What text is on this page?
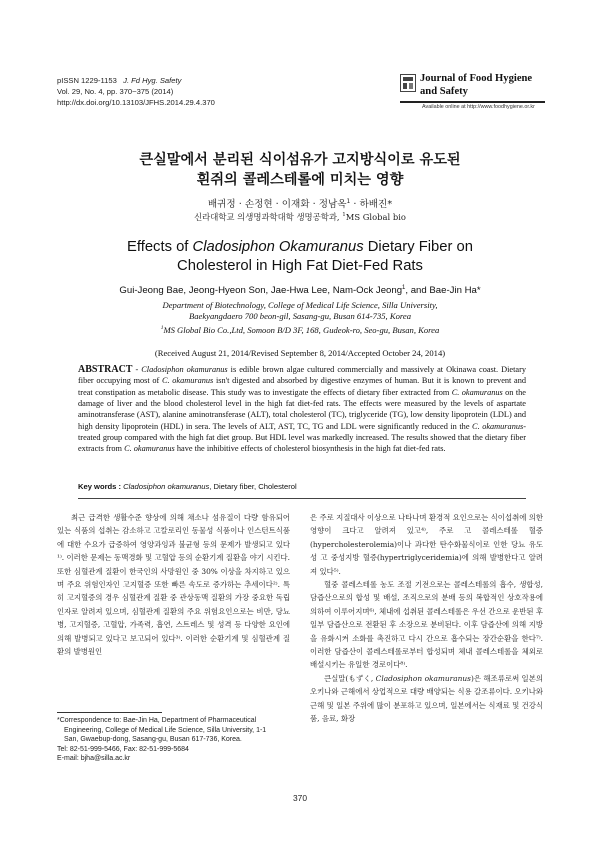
pISSN 1229-1153 J. Fd Hyg. Safety
Vol. 29, No. 4, pp. 370~375 (2014)
http://dx.doi.org/10.13103/JFHS.2014.29.4.370
Journal of Food Hygiene
and Safety
Available online at http://www.foodhygiene.or.kr
큰실말에서 분리된 식이섬유가 고지방식이로 유도된
흰쥐의 콜레스테롤에 미치는 영향
배귀정 · 손정현 · 이재화 · 정남옥$^1$ · 하배진*
신라대학교 의생명과학대학 생명공학과, $^1$MS Global bio
Effects of Cladosiphon Okamuranus Dietary Fiber on
Cholesterol in High Fat Diet-Fed Rats
Gui-Jeong Bae, Jeong-Hyeon Son, Jae-Hwa Lee, Nam-Ock Jeong$^1$, and Bae-Jin Ha*
Department of Biotechnology, College of Medical Life Science, Silla University,
Baekyangdaero 700 beon-gil, Sasang-gu, Busan 614-735, Korea
$^1$MS Global Bio Co.,Ltd, Somoon B/D 3F, 168, Gudeok-ro, Seo-gu, Busan, Korea
(Received August 21, 2014/Revised September 8, 2014/Accepted October 24, 2014)
ABSTRACT - Cladosiphon okamuranus is edible brown algae cultured commercially and massively at Okinawa coast. Dietary fiber occupying most of C. okamuranus isn't digested and absorbed by digestive enzymes of human. But it is known to prevent and treat constipation as metabolic disease. This study was to investigate the effects of dietary fiber extracted from C. okamuranus on the damage of liver and the blood cholesterol level in the high fat diet-fed rats. The effects were measured by the levels of aspartate aminotransferase (AST), alanine aminotransferase (ALT), total cholesterol (TC), triglyceride (TG), low density lipoprotein (LDL) and high density lipoprotein (HDL) in sera. The levels of ALT, AST, TC, TG and LDL were significantly reduced in the C. okamuranus-treated group compared with the high fat diet group. But HDL level was markedly increased. The results showed that the dietary fiber extracts from C. okamuranus have the inhibitive effects of cholesterol biosynthesis in the high fat diet-fed rats.
Key words : Cladosiphon okamuranus, Dietary fiber, Cholesterol

최근 급격한 생활수준 향상에 의해 채소나 섬유질이 다량 함유되어 있는 식품의 섭취는 감소하고 고칼로리인 동물성 식품이나 인스턴트식품에 대한 수요가 급증하여 영양과잉과 불균형 등의 문제가 발생되고 있다¹⁾. 이러한 문제는 동맥경화 및 고혈압 등의 순환기계 질환을 야기 시킨다. 또한 심혈관계 질환이 한국인의 사망원인 중 30% 이상을 차지하고 있으며 주요 위험인자인 고지혈증 또한 빠른 속도로 증가하는 추세이다²⁾. 특히 고지혈증의 경우 심혈관계 질환 중 관상동맥 질환의 가장 중요한 독립인자로 알려져 있으며, 심혈관계 질환의 주요 위험요인으로는 비만, 당뇨병, 고지혈증, 고혈압, 가족력, 흡연, 스트레스 및 성격 등 다양한 요인에 의해 발병되고 있다고 보고되어 있다³⁾. 이러한 순환기계 및 심혈관계 질환의 발병원인

은 주로 지질대사 이상으로 나타나며 환경적 요인으로는 식이섭취에 의한 영향이 크다고 알려져 있고⁴⁾, 주로 고 콜레스테롤 혈증(hypercholesterolemia)이나 과다한 탄수화물식이로 인한 당뇨 유도성 고 중성지방 혈증(hypertriglyceridemia)에 의해 발병한다고 알려져 있다⁵⁾.

혈중 콜레스테롤 농도 조절 기전으로는 콜레스테롤의 흡수, 생합성, 담즙산으로의 합성 및 배설, 조직으로의 분배 등의 복합적인 상호작용에 의하여 이루어지며⁶⁾, 체내에 섭취된 콜레스테롤은 우선 간으로 운반된 후 일부 담즙산으로 전환된 후 소장으로 분비된다. 이후 담즙산에 의해 지방을 유화시켜 소화를 촉진하고 다시 간으로 흡수되는 장간순환을 한다⁷⁾. 이러한 담즙산이 콜레스테롤로부터 합성되며 체내 콜레스테롤을 체외로 배설시키는 유일한 경로이다⁸⁾.

큰실말(もずく, Cladosiphon okamuranus)은 해조류로써 일본의 오키나와 근해에서 상업적으로 대량 배양되는 식용 갈조류이다. 오키나와 근해 및 일본 주위에 많이 분포하고 있으며, 일본에서는 식재료 및 건강식품, 음료, 화장

*Correspondence to: Bae-Jin Ha, Department of Pharmaceutical
Engineering, College of Medical Life Science, Silla University, 1-1
San, Gwaebup-dong, Sasang-gu, Busan 617-736, Korea.
Tel: 82-51-999-5466, Fax: 82-51-999-5684
E-mail: bjha@silla.ac.kr
370
